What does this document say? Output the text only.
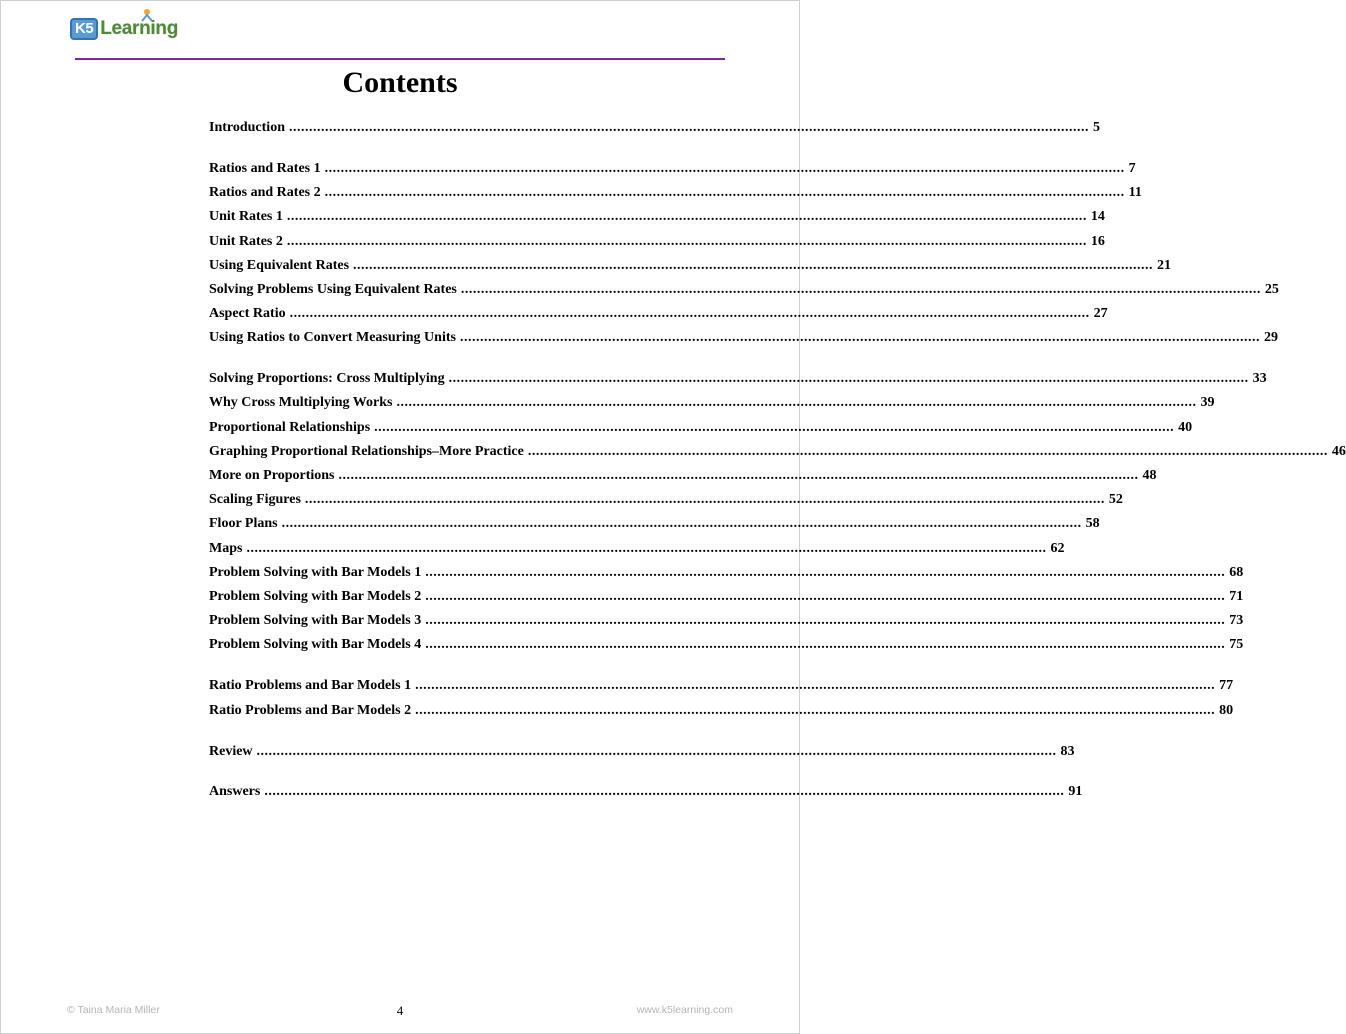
K5 Learning
Contents
Introduction ........................................................................................................................................................................................................ 5
Ratios and Rates 1 ........................................................................................................................................................................................................ 7
Ratios and Rates 2 ........................................................................................................................................................................................................ 11
Unit Rates 1 ........................................................................................................................................................................................................ 14
Unit Rates 2 ........................................................................................................................................................................................................ 16
Using Equivalent Rates ........................................................................................................................................................................................................ 21
Solving Problems Using Equivalent Rates ........................................................................................................................................................................................................ 25
Aspect Ratio ........................................................................................................................................................................................................ 27
Using Ratios to Convert Measuring Units ........................................................................................................................................................................................................ 29
Solving Proportions: Cross Multiplying ........................................................................................................................................................................................................ 33
Why Cross Multiplying Works ........................................................................................................................................................................................................ 39
Proportional Relationships ........................................................................................................................................................................................................ 40
Graphing Proportional Relationships–More Practice ........................................................................................................................................................................................................ 46
More on Proportions ........................................................................................................................................................................................................ 48
Scaling Figures ........................................................................................................................................................................................................ 52
Floor Plans ........................................................................................................................................................................................................ 58
Maps ........................................................................................................................................................................................................ 62
Problem Solving with Bar Models 1 ........................................................................................................................................................................................................ 68
Problem Solving with Bar Models 2 ........................................................................................................................................................................................................ 71
Problem Solving with Bar Models 3 ........................................................................................................................................................................................................ 73
Problem Solving with Bar Models 4 ........................................................................................................................................................................................................ 75
Ratio Problems and Bar Models 1 ........................................................................................................................................................................................................ 77
Ratio Problems and Bar Models 2 ........................................................................................................................................................................................................ 80
Review ........................................................................................................................................................................................................ 83
Answers ........................................................................................................................................................................................................ 91
© Taina Maria Miller	4	www.k5learning.com
